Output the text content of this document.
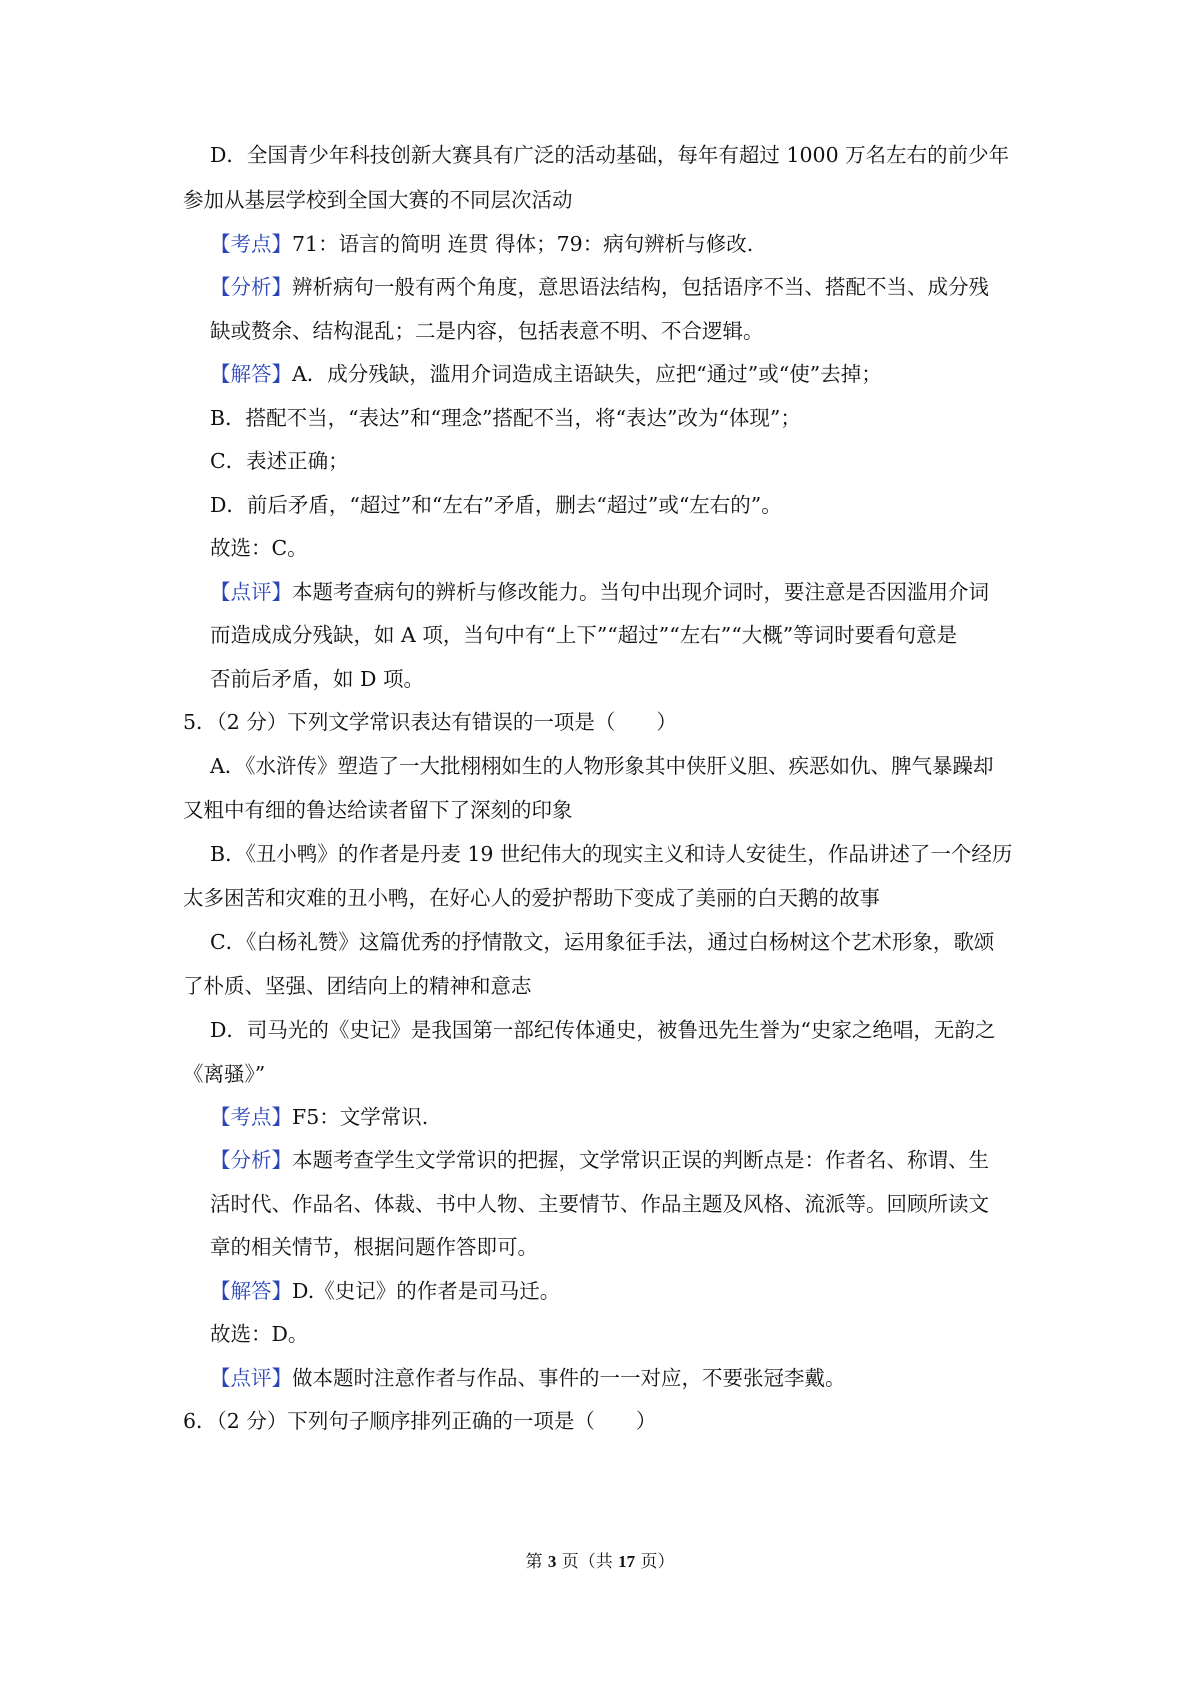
D．全国青少年科技创新大赛具有广泛的活动基础，每年有超过 1000 万名左右的前少年
参加从基层学校到全国大赛的不同层次活动
【考点】71：语言的简明 连贯 得体；79：病句辨析与修改.
【分析】辨析病句一般有两个角度，意思语法结构，包括语序不当、搭配不当、成分残
缺或赘余、结构混乱；二是内容，包括表意不明、不合逻辑。
【解答】A．成分残缺，滥用介词造成主语缺失，应把“通过”或“使”去掉；
B．搭配不当，“表达”和“理念”搭配不当，将“表达”改为“体现”；
C．表述正确；
D．前后矛盾，“超过”和“左右”矛盾，删去“超过”或“左右的”。
故选：C。
【点评】本题考查病句的辨析与修改能力。当句中出现介词时，要注意是否因滥用介词
而造成成分残缺，如 A 项，当句中有“上下”“超过”“左右”“大概”等词时要看句意是
否前后矛盾，如 D 项。
5．（2 分）下列文学常识表达有错误的一项是（　　）
A．《水浒传》塑造了一大批栩栩如生的人物形象其中侠肝义胆、疾恶如仇、脾气暴躁却
又粗中有细的鲁达给读者留下了深刻的印象
B．《丑小鸭》的作者是丹麦 19 世纪伟大的现实主义和诗人安徒生，作品讲述了一个经历
太多困苦和灾难的丑小鸭，在好心人的爱护帮助下变成了美丽的白天鹅的故事
C．《白杨礼赞》这篇优秀的抒情散文，运用象征手法，通过白杨树这个艺术形象，歌颂
了朴质、坚强、团结向上的精神和意志
D．司马光的《史记》是我国第一部纪传体通史，被鲁迅先生誉为“史家之绝唱，无韵之
《离骚》”
【考点】F5：文学常识.
【分析】本题考查学生文学常识的把握，文学常识正误的判断点是：作者名、称谓、生
活时代、作品名、体裁、书中人物、主要情节、作品主题及风格、流派等。回顾所读文
章的相关情节，根据问题作答即可。
【解答】D.《史记》的作者是司马迁。
故选：D。
【点评】做本题时注意作者与作品、事件的一一对应，不要张冠李戴。
6．（2 分）下列句子顺序排列正确的一项是（　　）
第 3 页（共 17 页）
